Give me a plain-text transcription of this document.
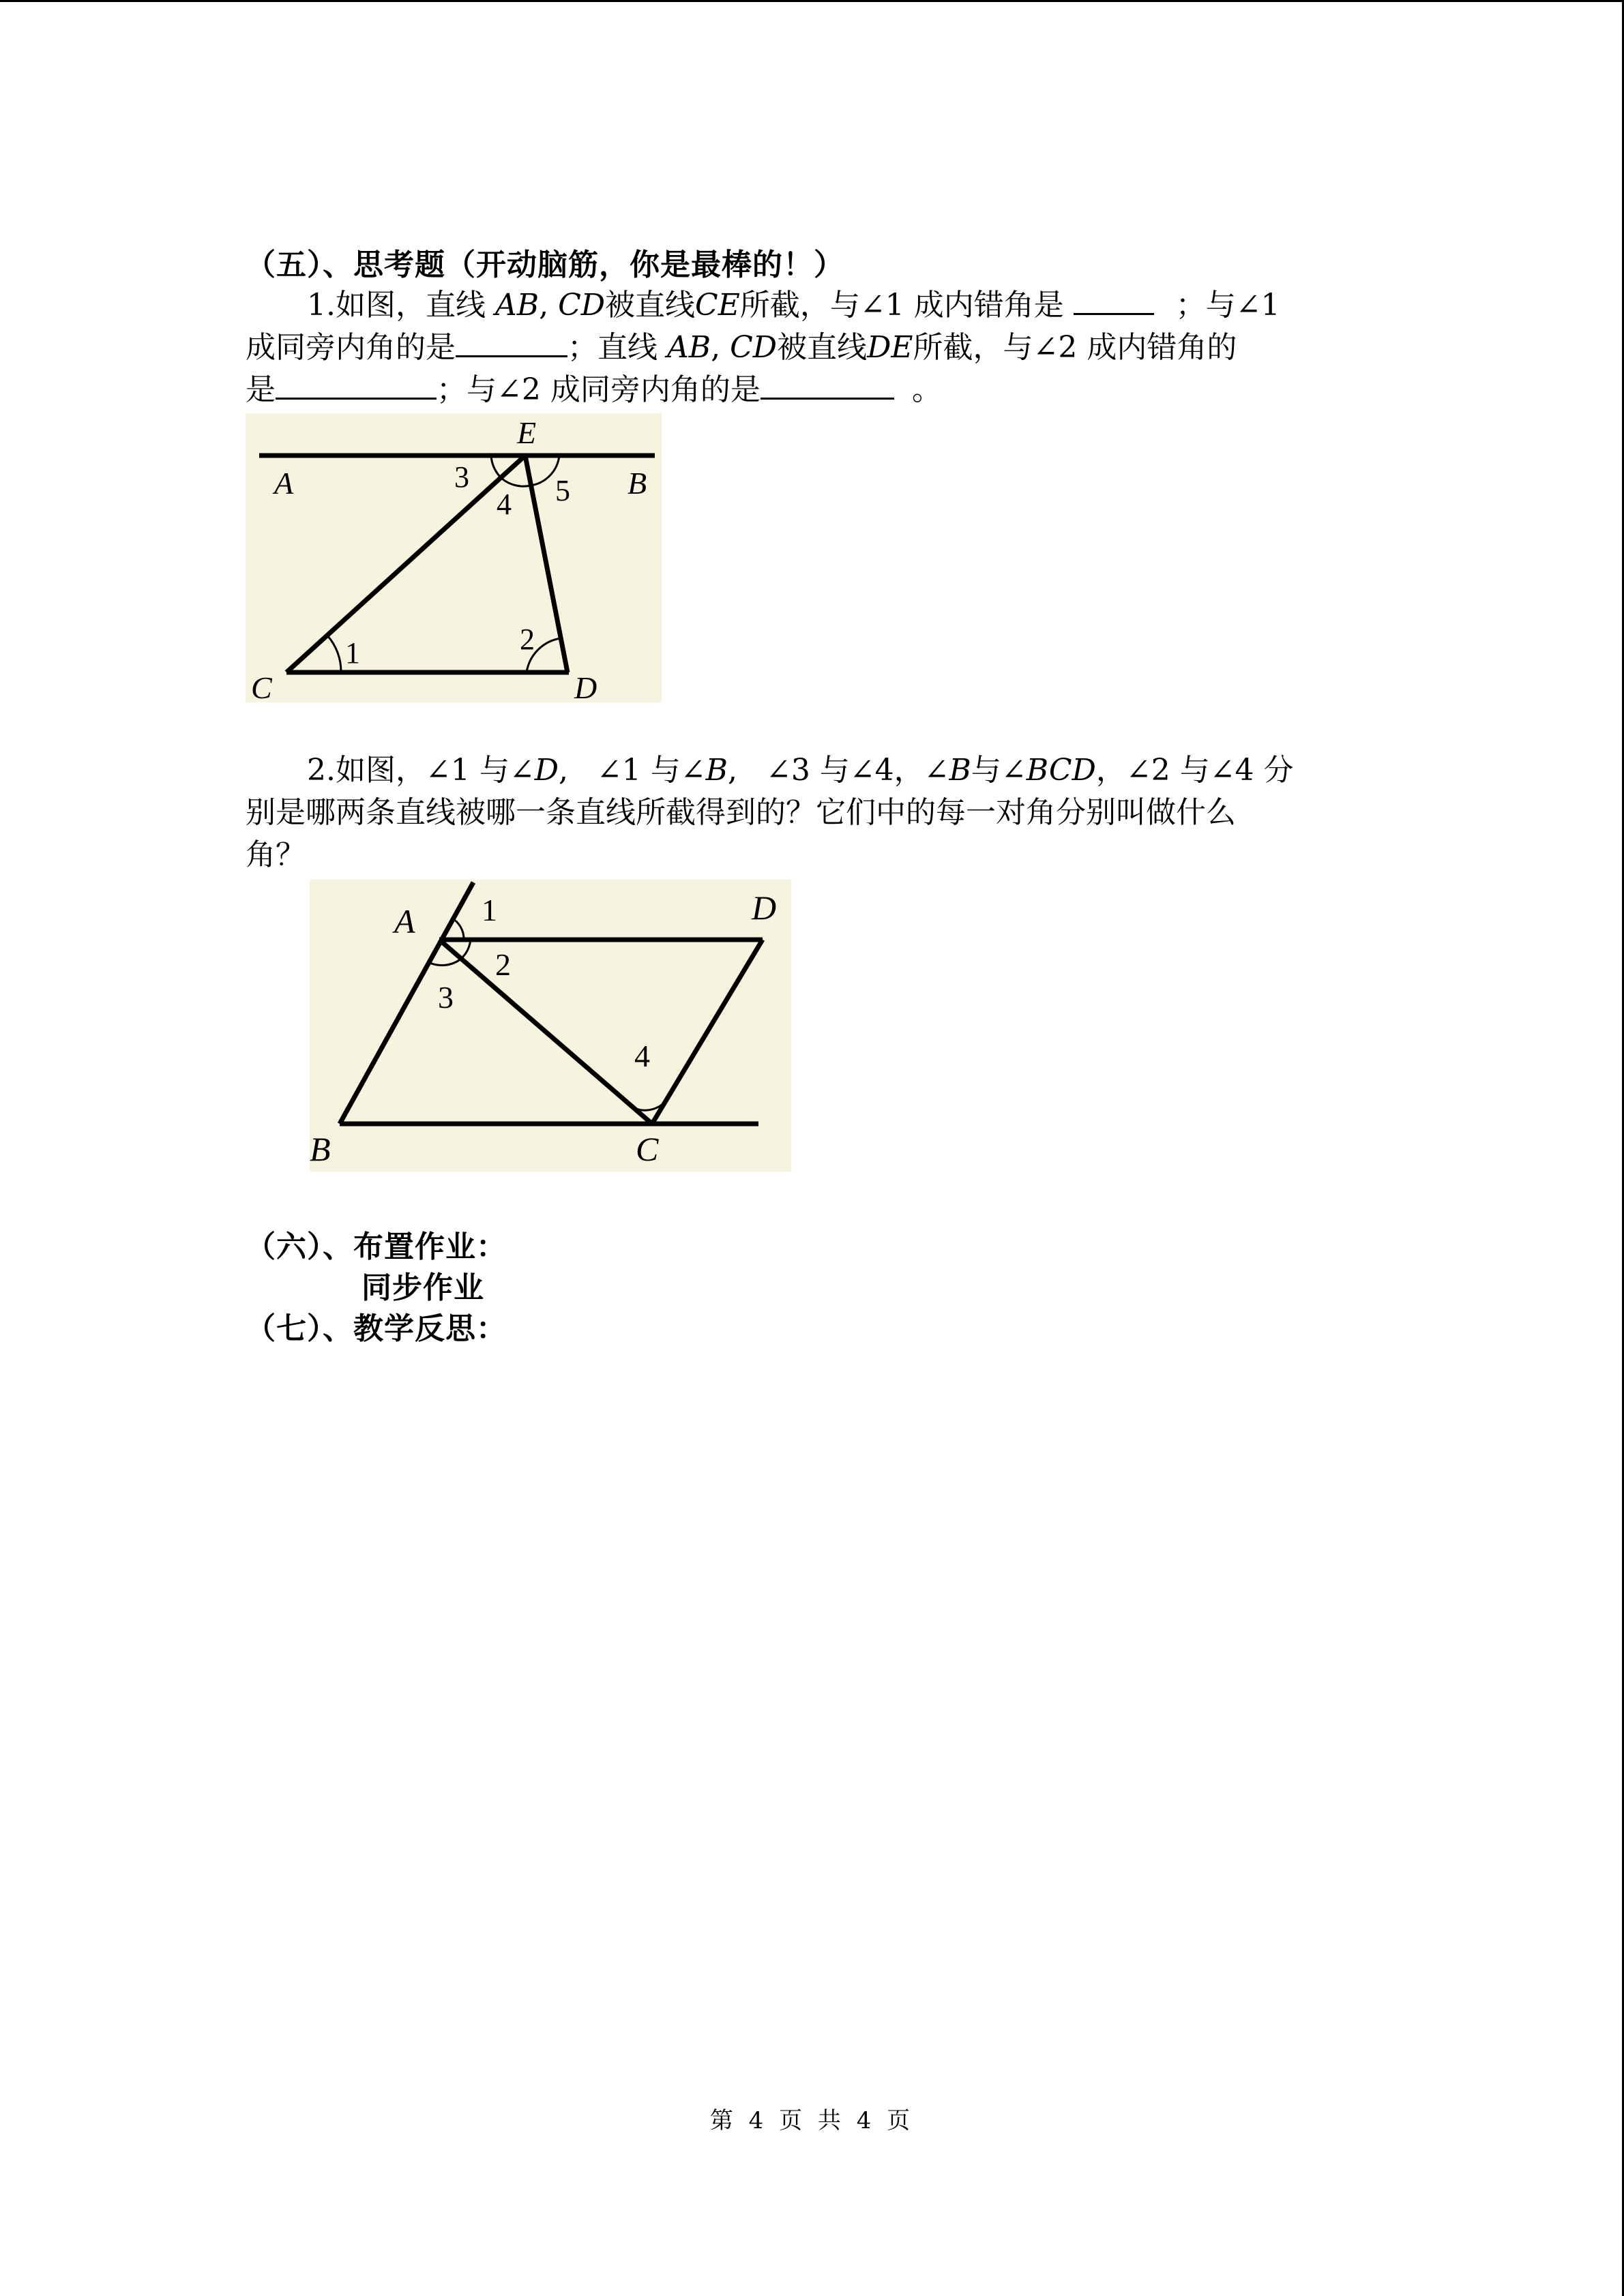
（五）、思考题（开动脑筋，你是最棒的！）
1.如图，直线 AB, CD被直线CE所截，与∠1 成内错角是	；与∠1
成同旁内角的是	；直线 AB, CD被直线DE所截，与∠2 成内错角的
是	；与∠2 成同旁内角的是	。
A	B
E
C	D
1	2
3
4 5
2.如图，∠1 与∠D,   ∠1 与∠B,   ∠3 与∠4，∠B与∠BCD，∠2 与∠4 分
别是哪两条直线被哪一条直线所截得到的？它们中的每一对角分别叫做什么
角？
A	D
B	C
1
2
3
4
（六）、布置作业：
同步作业
（七）、教学反思：
第 4 页 共 4 页
